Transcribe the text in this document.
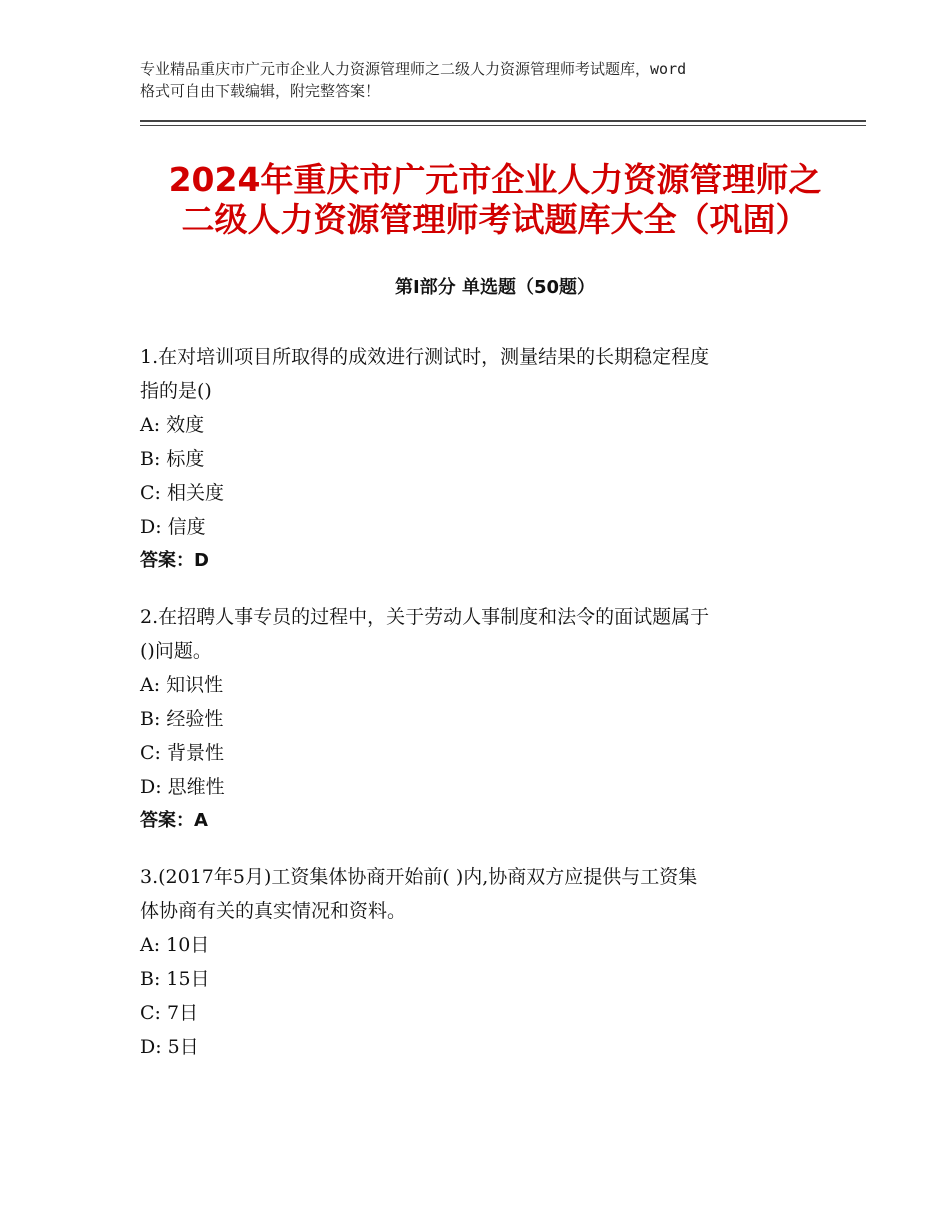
专业精品重庆市广元市企业人力资源管理师之二级人力资源管理师考试题库，word
格式可自由下载编辑，附完整答案！
2024年重庆市广元市企业人力资源管理师之
二级人力资源管理师考试题库大全（巩固）
第Ⅰ部分 单选题（50题）
1.在对培训项目所取得的成效进行测试时，测量结果的长期稳定程度
指的是()
A: 效度
B: 标度
C: 相关度
D: 信度
答案：D
2.在招聘人事专员的过程中，关于劳动人事制度和法令的面试题属于
()问题。
A: 知识性
B: 经验性
C: 背景性
D: 思维性
答案：A
3.(2017年5月)工资集体协商开始前( )内,协商双方应提供与工资集
体协商有关的真实情况和资料。
A: 10日
B: 15日
C: 7日
D: 5日
